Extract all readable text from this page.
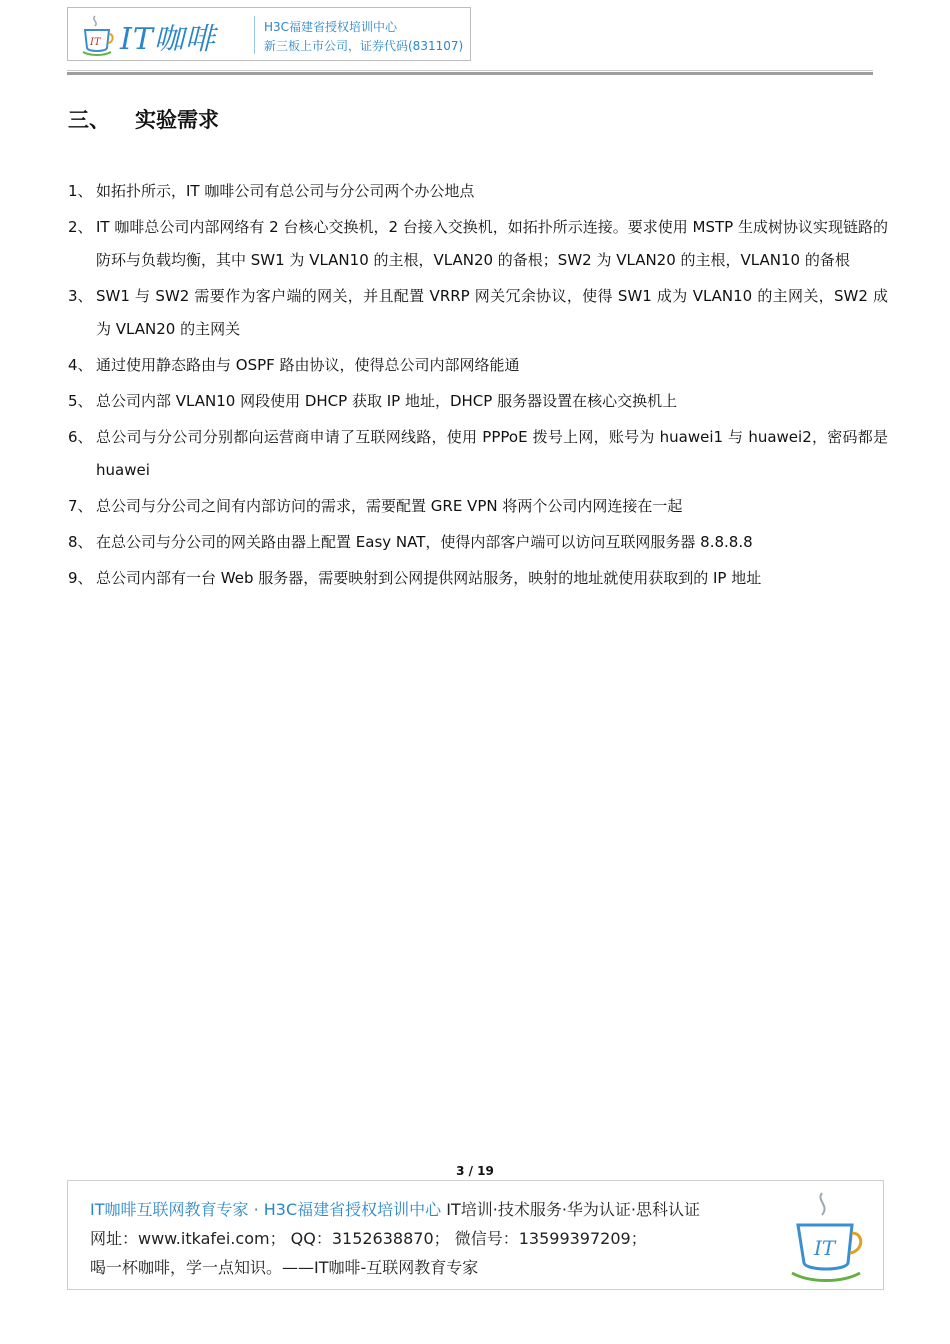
IT IT咖啡	H3C福建省授权培训中心
新三板上市公司，证券代码(831107)
三、 实验需求
1、 如拓扑所示，IT 咖啡公司有总公司与分公司两个办公地点
2、 IT 咖啡总公司内部网络有 2 台核心交换机，2 台接入交换机，如拓扑所示连接。要求使用 MSTP 生成树协议实现链路的防环与负载均衡，其中 SW1 为 VLAN10 的主根，VLAN20 的备根；SW2 为 VLAN20 的主根，VLAN10 的备根
3、 SW1 与 SW2 需要作为客户端的网关，并且配置 VRRP 网关冗余协议，使得 SW1 成为 VLAN10 的主网关，SW2 成为 VLAN20 的主网关
4、 通过使用静态路由与 OSPF 路由协议，使得总公司内部网络能通
5、 总公司内部 VLAN10 网段使用 DHCP 获取 IP 地址，DHCP 服务器设置在核心交换机上
6、 总公司与分公司分别都向运营商申请了互联网线路，使用 PPPoE 拨号上网，账号为 huawei1 与 huawei2，密码都是 huawei
7、 总公司与分公司之间有内部访问的需求，需要配置 GRE VPN 将两个公司内网连接在一起
8、 在总公司与分公司的网关路由器上配置 Easy NAT，使得内部客户端可以访问互联网服务器 8.8.8.8
9、 总公司内部有一台 Web 服务器，需要映射到公网提供网站服务，映射的地址就使用获取到的 IP 地址
3 / 19
IT咖啡互联网教育专家 · H3C福建省授权培训中心 IT培训·技术服务·华为认证·思科认证
网址：www.itkafei.com； QQ：3152638870； 微信号：13599397209；
喝一杯咖啡，学一点知识。——IT咖啡-互联网教育专家
IT
